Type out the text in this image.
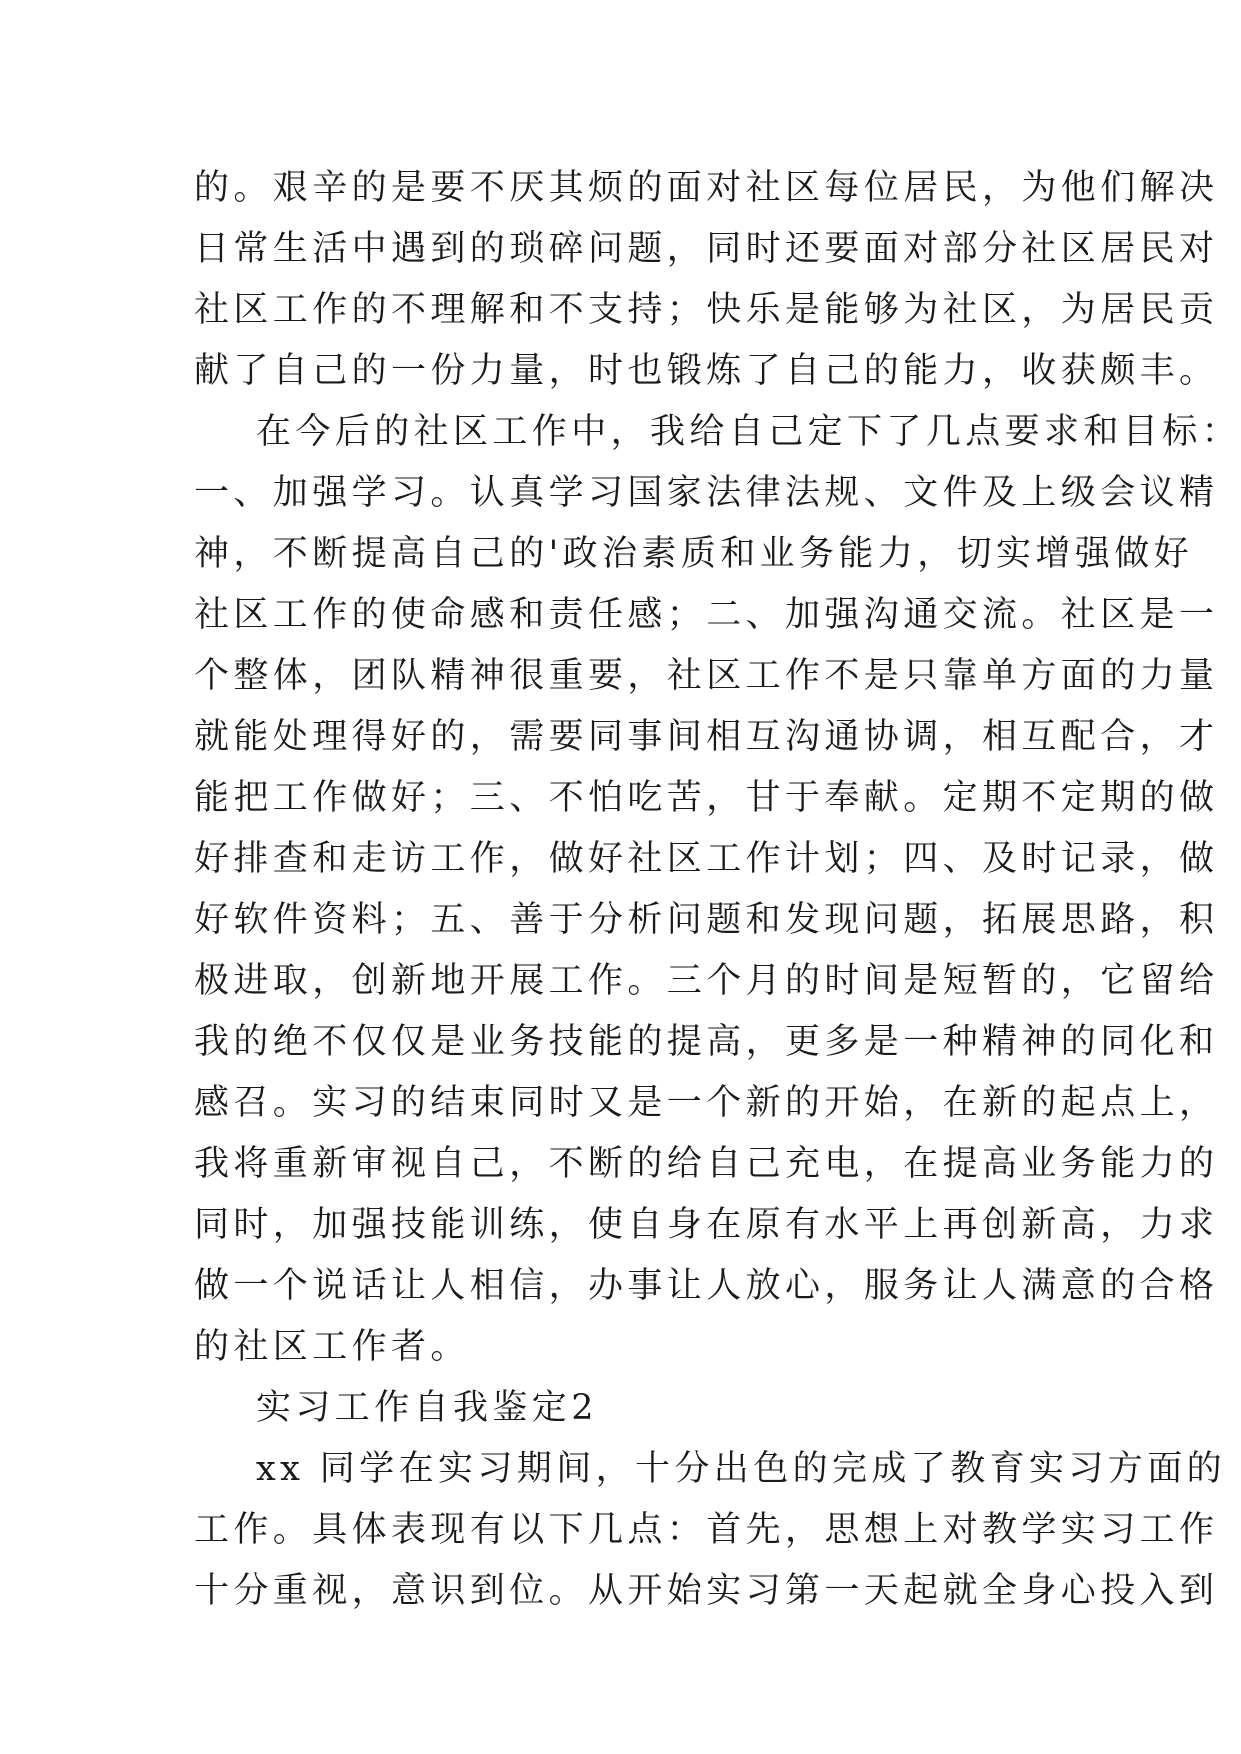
的。艰辛的是要不厌其烦的面对社区每位居民，为他们解决
日常生活中遇到的琐碎问题，同时还要面对部分社区居民对
社区工作的不理解和不支持；快乐是能够为社区，为居民贡
献了自己的一份力量，时也锻炼了自己的能力，收获颇丰。
在今后的社区工作中，我给自己定下了几点要求和目标：
一、加强学习。认真学习国家法律法规、文件及上级会议精
神，不断提高自己的'政治素质和业务能力，切实增强做好
社区工作的使命感和责任感；二、加强沟通交流。社区是一
个整体，团队精神很重要，社区工作不是只靠单方面的力量
就能处理得好的，需要同事间相互沟通协调，相互配合，才
能把工作做好；三、不怕吃苦，甘于奉献。定期不定期的做
好排查和走访工作，做好社区工作计划；四、及时记录，做
好软件资料；五、善于分析问题和发现问题，拓展思路，积
极进取，创新地开展工作。三个月的时间是短暂的，它留给
我的绝不仅仅是业务技能的提高，更多是一种精神的同化和
感召。实习的结束同时又是一个新的开始，在新的起点上，
我将重新审视自己，不断的给自己充电，在提高业务能力的
同时，加强技能训练，使自身在原有水平上再创新高，力求
做一个说话让人相信，办事让人放心，服务让人满意的合格
的社区工作者。
实习工作自我鉴定2
xx 同学在实习期间，十分出色的完成了教育实习方面的
工作。具体表现有以下几点：首先，思想上对教学实习工作
十分重视，意识到位。从开始实习第一天起就全身心投入到
